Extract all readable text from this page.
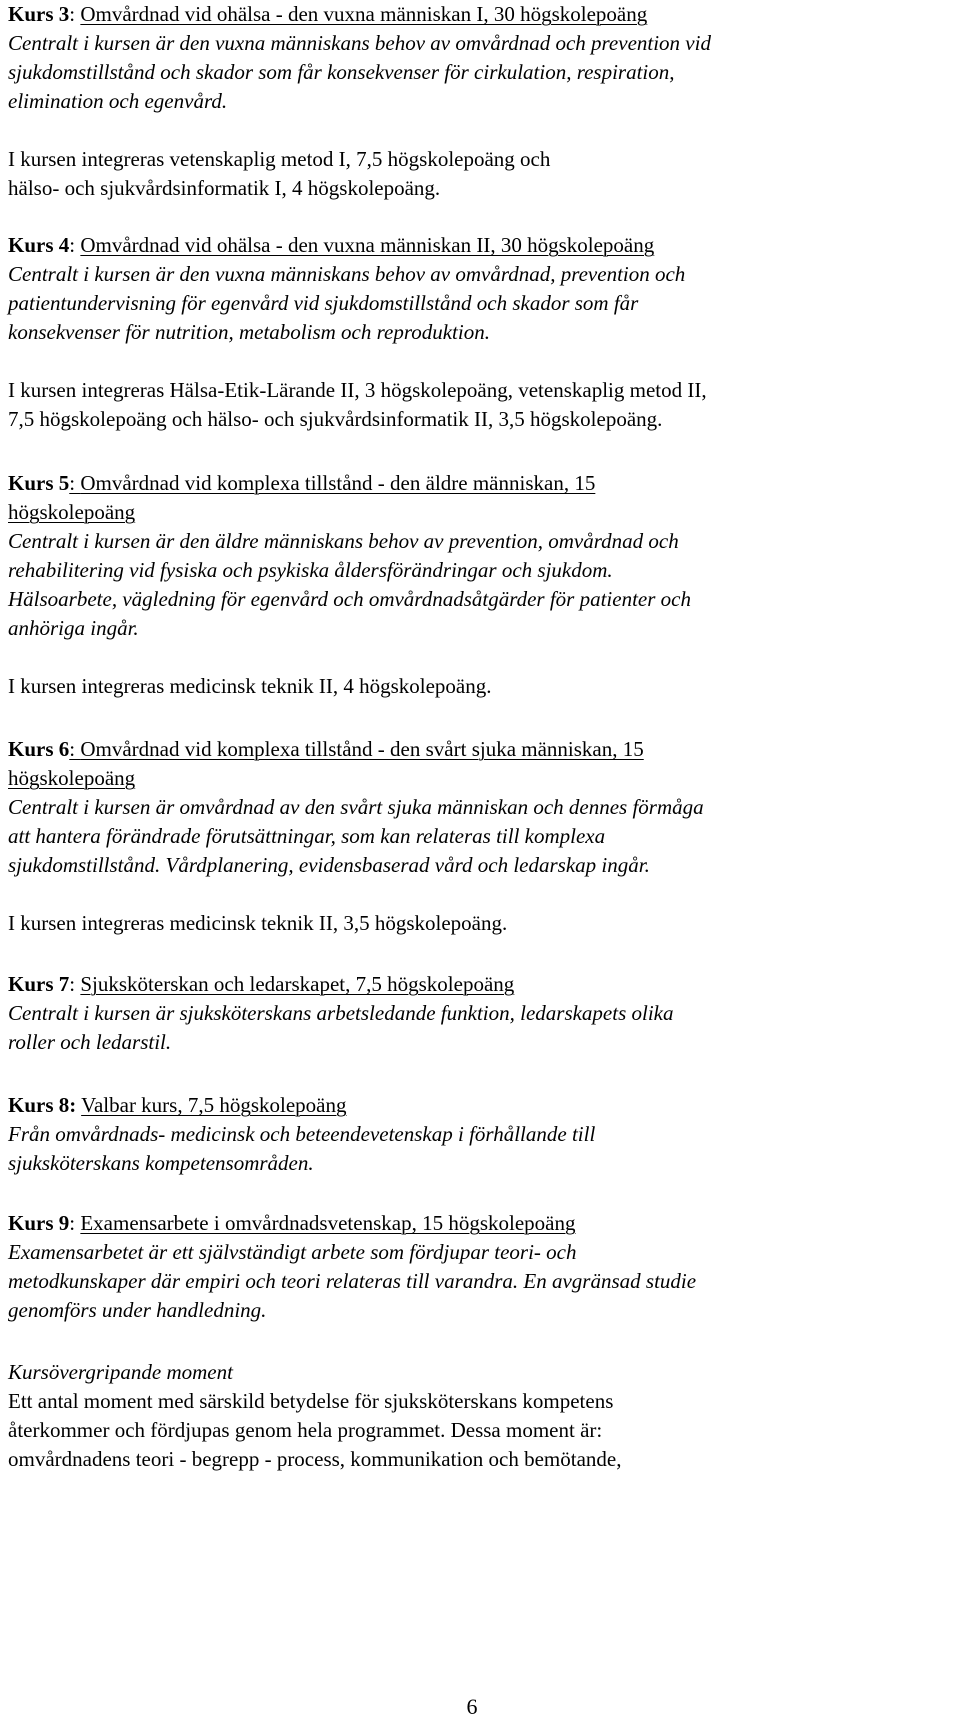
Kurs 3: Omvårdnad vid ohälsa - den vuxna människan I, 30 högskolepoäng
Centralt i kursen är den vuxna människans behov av omvårdnad och prevention vid
sjukdomstillstånd och skador som får konsekvenser för cirkulation, respiration,
elimination och egenvård.
I kursen integreras vetenskaplig metod I, 7,5 högskolepoäng och
hälso- och sjukvårdsinformatik I, 4 högskolepoäng.
Kurs 4: Omvårdnad vid ohälsa - den vuxna människan II, 30 högskolepoäng
Centralt i kursen är den vuxna människans behov av omvårdnad, prevention och
patientundervisning för egenvård vid sjukdomstillstånd och skador som får
konsekvenser för nutrition, metabolism och reproduktion.
I kursen integreras Hälsa-Etik-Lärande II, 3 högskolepoäng, vetenskaplig metod II,
7,5 högskolepoäng och hälso- och sjukvårdsinformatik II, 3,5 högskolepoäng.
Kurs 5: Omvårdnad vid komplexa tillstånd - den äldre människan, 15
högskolepoäng
Centralt i kursen är den äldre människans behov av prevention, omvårdnad och
rehabilitering vid fysiska och psykiska åldersförändringar och sjukdom.
Hälsoarbete, vägledning för egenvård och omvårdnadsåtgärder för patienter och
anhöriga ingår.
I kursen integreras medicinsk teknik II, 4 högskolepoäng.
Kurs 6: Omvårdnad vid komplexa tillstånd - den svårt sjuka människan, 15
högskolepoäng
Centralt i kursen är omvårdnad av den svårt sjuka människan och dennes förmåga
att hantera förändrade förutsättningar, som kan relateras till komplexa
sjukdomstillstånd. Vårdplanering, evidensbaserad vård och ledarskap ingår.
I kursen integreras medicinsk teknik II, 3,5 högskolepoäng.
Kurs 7: Sjuksköterskan och ledarskapet, 7,5 högskolepoäng
Centralt i kursen är sjuksköterskans arbetsledande funktion, ledarskapets olika
roller och ledarstil.
Kurs 8: Valbar kurs, 7,5 högskolepoäng
Från omvårdnads- medicinsk och beteendevetenskap i förhållande till
sjuksköterskans kompetensområden.
Kurs 9: Examensarbete i omvårdnadsvetenskap, 15 högskolepoäng
Examensarbetet är ett självständigt arbete som fördjupar teori- och
metodkunskaper där empiri och teori relateras till varandra. En avgränsad studie
genomförs under handledning.
Kursövergripande moment
Ett antal moment med särskild betydelse för sjuksköterskans kompetens
återkommer och fördjupas genom hela programmet. Dessa moment är:
omvårdnadens teori - begrepp - process, kommunikation och bemötande,
6
